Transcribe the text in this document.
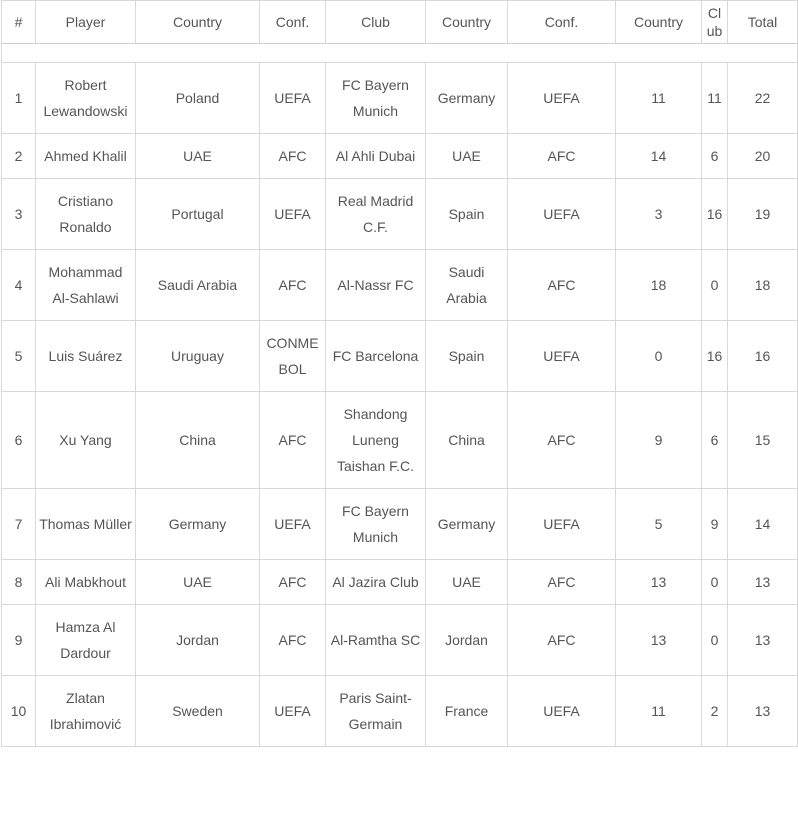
#	Player	Country	Conf.	Club	Country	Conf.	Country	Club	Total

1	Robert Lewandowski	Poland	UEFA	FC Bayern Munich	Germany	UEFA	11	11	22
2	Ahmed Khalil	UAE	AFC	Al Ahli Dubai	UAE	AFC	14	6	20
3	Cristiano Ronaldo	Portugal	UEFA	Real Madrid C.F.	Spain	UEFA	3	16	19
4	Mohammad Al-Sahlawi	Saudi Arabia	AFC	Al-Nassr FC	Saudi Arabia	AFC	18	0	18
5	Luis Suárez	Uruguay	CONMEBOL	FC Barcelona	Spain	UEFA	0	16	16
6	Xu Yang	China	AFC	Shandong Luneng Taishan F.C.	China	AFC	9	6	15
7	Thomas Müller	Germany	UEFA	FC Bayern Munich	Germany	UEFA	5	9	14
8	Ali Mabkhout	UAE	AFC	Al Jazira Club	UAE	AFC	13	0	13
9	Hamza Al Dardour	Jordan	AFC	Al-Ramtha SC	Jordan	AFC	13	0	13
10	Zlatan Ibrahimović	Sweden	UEFA	Paris Saint-Germain	France	UEFA	11	2	13
